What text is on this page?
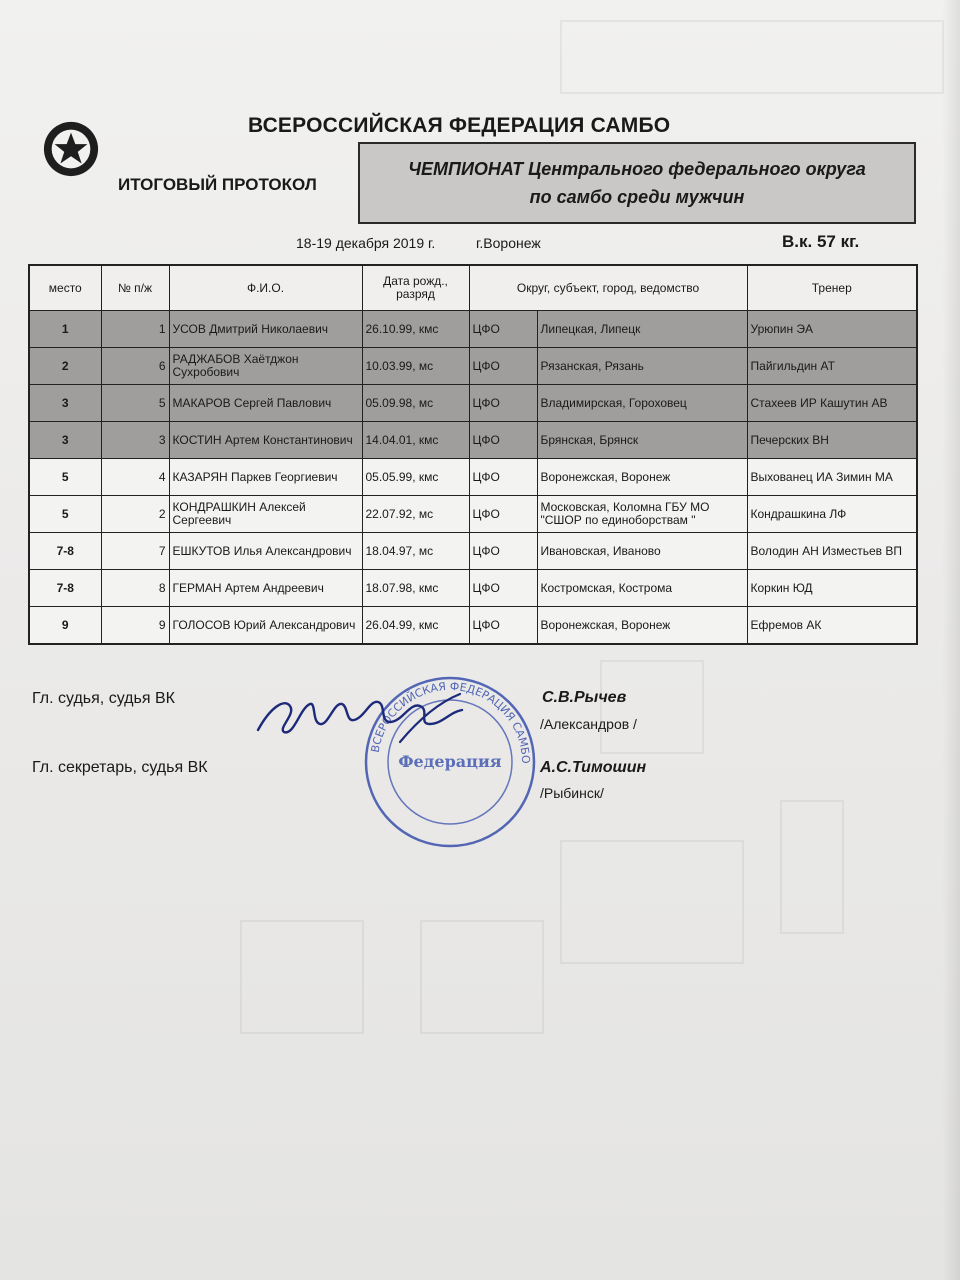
ВСЕРОССИЙСКАЯ ФЕДЕРАЦИЯ САМБО
ИТОГОВЫЙ ПРОТОКОЛ
ЧЕМПИОНАТ Центрального федерального округа по самбо среди мужчин
18-19 декабря 2019 г.	г.Воронеж	В.к. 57 кг.
место	№ п/ж	Ф.И.О.	Дата рожд., разряд	Округ, субъект, город, ведомство		Тренер
1	1	УСОВ Дмитрий Николаевич	26.10.99, кмс	ЦФО	Липецкая, Липецк	Урюпин ЭА
2	6	РАДЖАБОВ Хаётджон Сухробович	10.03.99, мс	ЦФО	Рязанская, Рязань	Пайгильдин АТ
3	5	МАКАРОВ Сергей Павлович	05.09.98, мс	ЦФО	Владимирская, Гороховец	Стахеев ИР Кашутин АВ
3	3	КОСТИН Артем Константинович	14.04.01, кмс	ЦФО	Брянская, Брянск	Печерских ВН
5	4	КАЗАРЯН Паркев Георгиевич	05.05.99, кмс	ЦФО	Воронежская, Воронеж	Выхованец ИА Зимин МА
5	2	КОНДРАШКИН Алексей Сергеевич	22.07.92, мс	ЦФО	Московская, Коломна ГБУ МО "СШОР по единоборствам "	Кондрашкина ЛФ
7-8	7	ЕШКУТОВ Илья Александрович	18.04.97, мс	ЦФО	Ивановская, Иваново	Володин АН Изместьев ВП
7-8	8	ГЕРМАН Артем Андреевич	18.07.98, кмс	ЦФО	Костромская, Кострома	Коркин ЮД
9	9	ГОЛОСОВ Юрий Александрович	26.04.99, кмс	ЦФО	Воронежская, Воронеж	Ефремов АК
ВСЕРОССИЙСКАЯ ФЕДЕРАЦИЯ САМБО
Федерация
Гл. судья, судья ВК	С.В.Рычев
/Александров /
Гл. секретарь, судья ВК	А.С.Тимошин
/Рыбинск/
